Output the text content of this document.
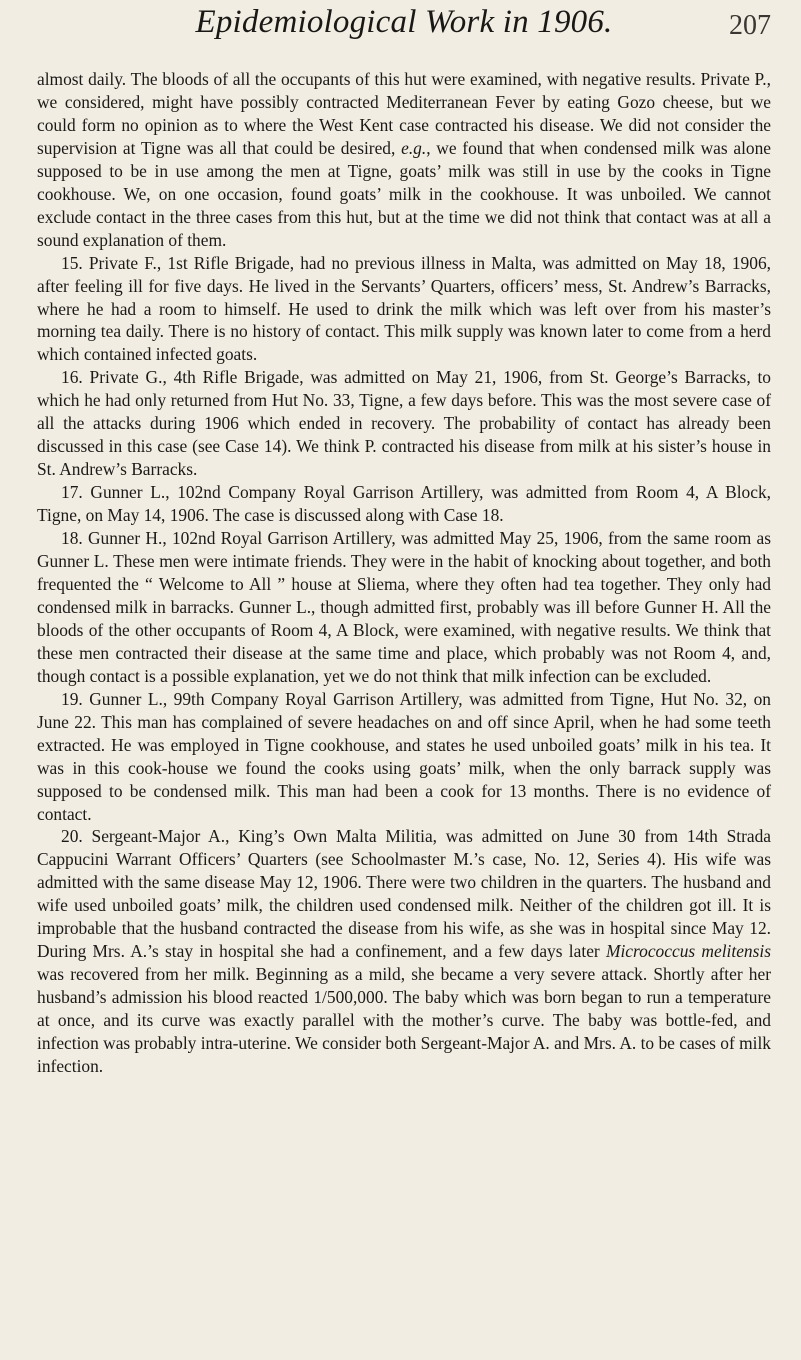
Epidemiological Work in 1906.	207

almost daily. The bloods of all the occupants of this hut were examined, with negative results. Private P., we considered, might have possibly contracted Mediterranean Fever by eating Gozo cheese, but we could form no opinion as to where the West Kent case contracted his disease. We did not consider the supervision at Tigne was all that could be desired, e.g., we found that when condensed milk was alone supposed to be in use among the men at Tigne, goats’ milk was still in use by the cooks in Tigne cookhouse. We, on one occasion, found goats’ milk in the cookhouse. It was unboiled. We cannot exclude contact in the three cases from this hut, but at the time we did not think that contact was at all a sound explanation of them.

15. Private F., 1st Rifle Brigade, had no previous illness in Malta, was admitted on May 18, 1906, after feeling ill for five days. He lived in the Servants’ Quarters, officers’ mess, St. Andrew’s Barracks, where he had a room to himself. He used to drink the milk which was left over from his master’s morning tea daily. There is no history of contact. This milk supply was known later to come from a herd which contained infected goats.

16. Private G., 4th Rifle Brigade, was admitted on May 21, 1906, from St. George’s Barracks, to which he had only returned from Hut No. 33, Tigne, a few days before. This was the most severe case of all the attacks during 1906 which ended in recovery. The probability of contact has already been discussed in this case (see Case 14). We think P. contracted his disease from milk at his sister’s house in St. Andrew’s Barracks.

17. Gunner L., 102nd Company Royal Garrison Artillery, was admitted from Room 4, A Block, Tigne, on May 14, 1906. The case is discussed along with Case 18.

18. Gunner H., 102nd Royal Garrison Artillery, was admitted May 25, 1906, from the same room as Gunner L. These men were intimate friends. They were in the habit of knocking about together, and both frequented the “ Welcome to All ” house at Sliema, where they often had tea together. They only had condensed milk in barracks. Gunner L., though admitted first, probably was ill before Gunner H. All the bloods of the other occupants of Room 4, A Block, were examined, with negative results. We think that these men contracted their disease at the same time and place, which probably was not Room 4, and, though contact is a possible explanation, yet we do not think that milk infection can be excluded.

19. Gunner L., 99th Company Royal Garrison Artillery, was admitted from Tigne, Hut No. 32, on June 22. This man has complained of severe headaches on and off since April, when he had some teeth extracted. He was employed in Tigne cookhouse, and states he used unboiled goats’ milk in his tea. It was in this cook-house we found the cooks using goats’ milk, when the only barrack supply was supposed to be condensed milk. This man had been a cook for 13 months. There is no evidence of contact.

20. Sergeant-Major A., King’s Own Malta Militia, was admitted on June 30 from 14th Strada Cappucini Warrant Officers’ Quarters (see Schoolmaster M.’s case, No. 12, Series 4). His wife was admitted with the same disease May 12, 1906. There were two children in the quarters. The husband and wife used unboiled goats’ milk, the children used condensed milk. Neither of the children got ill. It is improbable that the husband contracted the disease from his wife, as she was in hospital since May 12. During Mrs. A.’s stay in hospital she had a confinement, and a few days later Micrococcus melitensis was recovered from her milk. Beginning as a mild, she became a very severe attack. Shortly after her husband’s admission his blood reacted 1/500,000. The baby which was born began to run a temperature at once, and its curve was exactly parallel with the mother’s curve. The baby was bottle-fed, and infection was probably intra-uterine. We consider both Sergeant-Major A. and Mrs. A. to be cases of milk infection.
